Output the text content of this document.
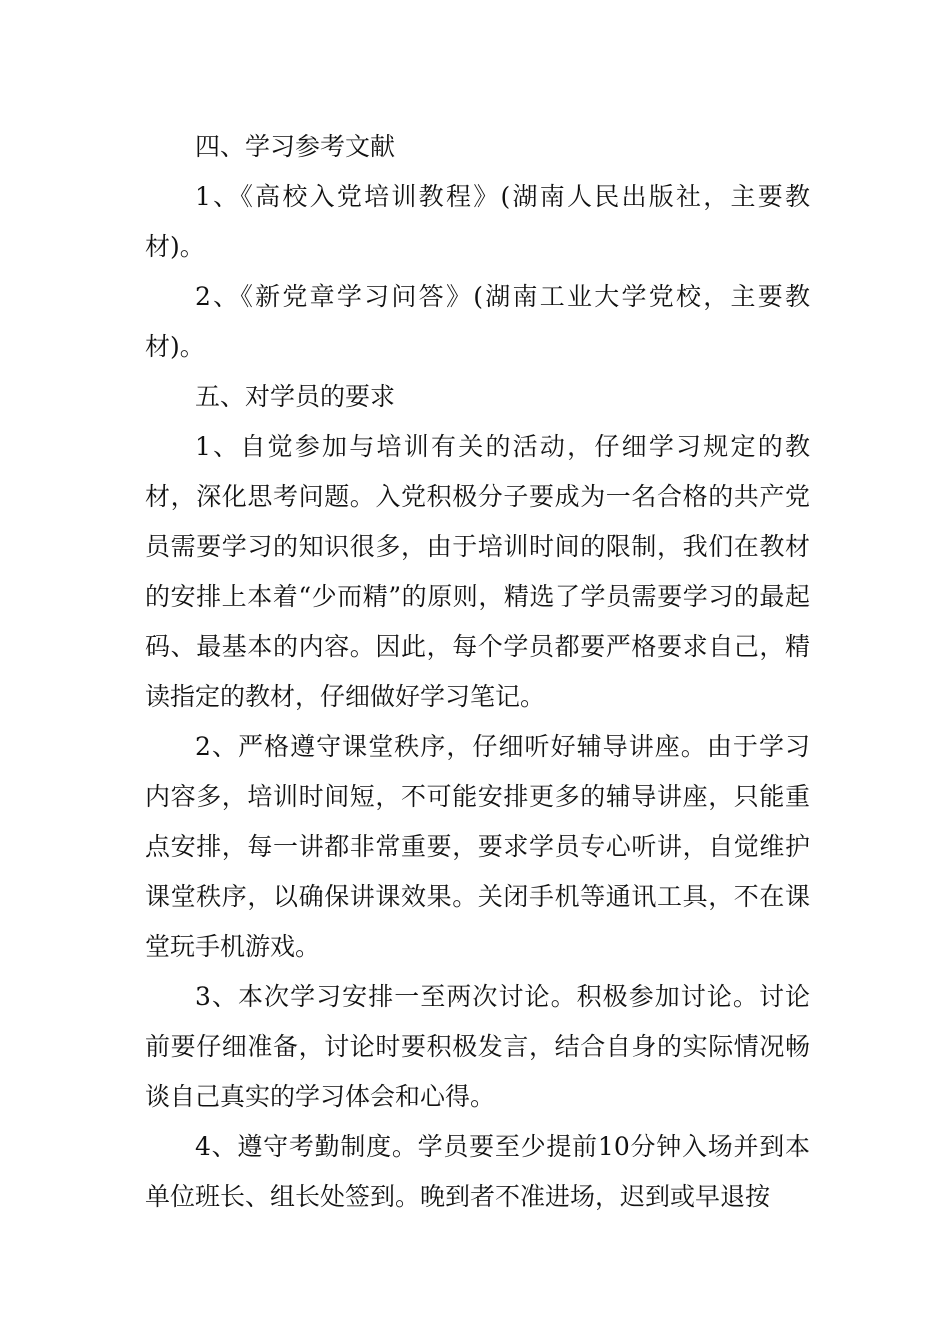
四、学习参考文献

1、《高校入党培训教程》(湖南人民出版社，主要教材)。

2、《新党章学习问答》(湖南工业大学党校，主要教材)。

五、对学员的要求

1、自觉参加与培训有关的活动，仔细学习规定的教材，深化思考问题。入党积极分子要成为一名合格的共产党员需要学习的知识很多，由于培训时间的限制，我们在教材的安排上本着“少而精”的原则，精选了学员需要学习的最起码、最基本的内容。因此，每个学员都要严格要求自己，精读指定的教材，仔细做好学习笔记。

2、严格遵守课堂秩序，仔细听好辅导讲座。由于学习内容多，培训时间短，不可能安排更多的辅导讲座，只能重点安排，每一讲都非常重要，要求学员专心听讲，自觉维护课堂秩序，以确保讲课效果。关闭手机等通讯工具，不在课堂玩手机游戏。

3、本次学习安排一至两次讨论。积极参加讨论。讨论前要仔细准备，讨论时要积极发言，结合自身的实际情况畅谈自己真实的学习体会和心得。

4、遵守考勤制度。学员要至少提前10分钟入场并到本单位班长、组长处签到。晚到者不准进场，迟到或早退按
